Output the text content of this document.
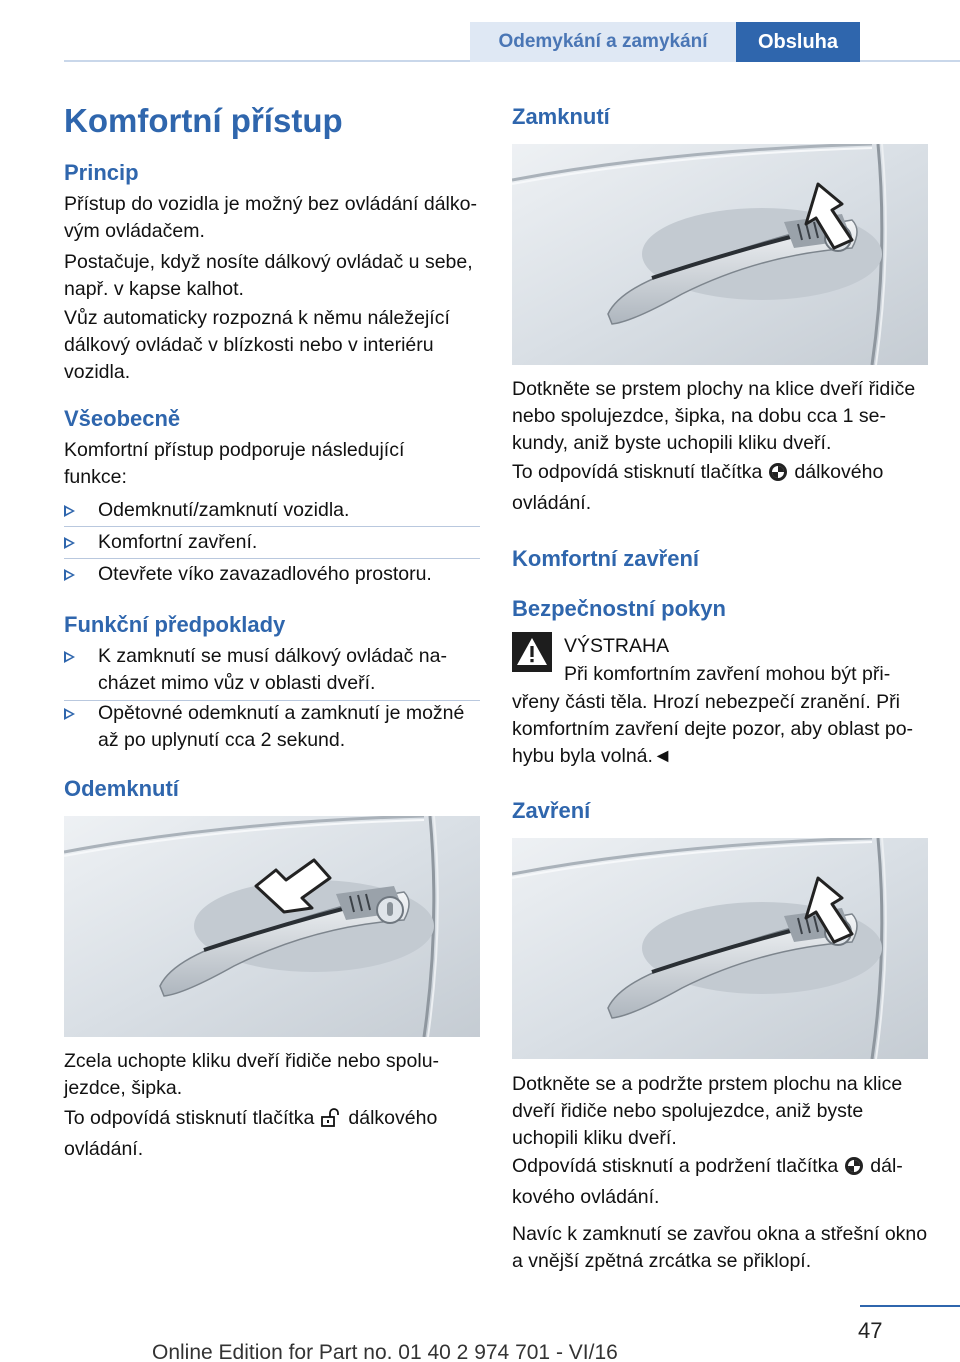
Odemykání a zamykání	Obsluha
Komfortní přístup
Princip
Přístup do vozidla je možný bez ovládání dálko-
vým ovládačem.
Postačuje, když nosíte dálkový ovládač u sebe,
např. v kapse kalhot.
Vůz automaticky rozpozná k němu náležející
dálkový ovládač v blízkosti nebo v interiéru
vozidla.
Všeobecně
Komfortní přístup podporuje následující
funkce:
Odemknutí/zamknutí vozidla.
Komfortní zavření.
Otevřete víko zavazadlového prostoru.
Funkční předpoklady
K zamknutí se musí dálkový ovládač na-
cházet mimo vůz v oblasti dveří.
Opětovné odemknutí a zamknutí je možné
až po uplynutí cca 2 sekund.
Odemknutí
Zcela uchopte kliku dveří řidiče nebo spolu-
jezdce, šipka.
To odpovídá stisknutí tlačítka dálkového
ovládání.
Zamknutí
Dotkněte se prstem plochy na klice dveří řidiče
nebo spolujezdce, šipka, na dobu cca 1 se-
kundy, aniž byste uchopili kliku dveří.
To odpovídá stisknutí tlačítka dálkového
ovládání.
Komfortní zavření
Bezpečnostní pokyn
VÝSTRAHA
Při komfortním zavření mohou být při-
vřeny části těla. Hrozí nebezpečí zranění. Při
komfortním zavření dejte pozor, aby oblast po-
hybu byla volná.◄
Zavření
Dotkněte se a podržte prstem plochu na klice
dveří řidiče nebo spolujezdce, aniž byste
uchopili kliku dveří.
Odpovídá stisknutí a podržení tlačítka dál-
kového ovládání.
Navíc k zamknutí se zavřou okna a střešní okno
a vnější zpětná zrcátka se přiklopí.
47
Online Edition for Part no. 01 40 2 974 701 - VI/16
